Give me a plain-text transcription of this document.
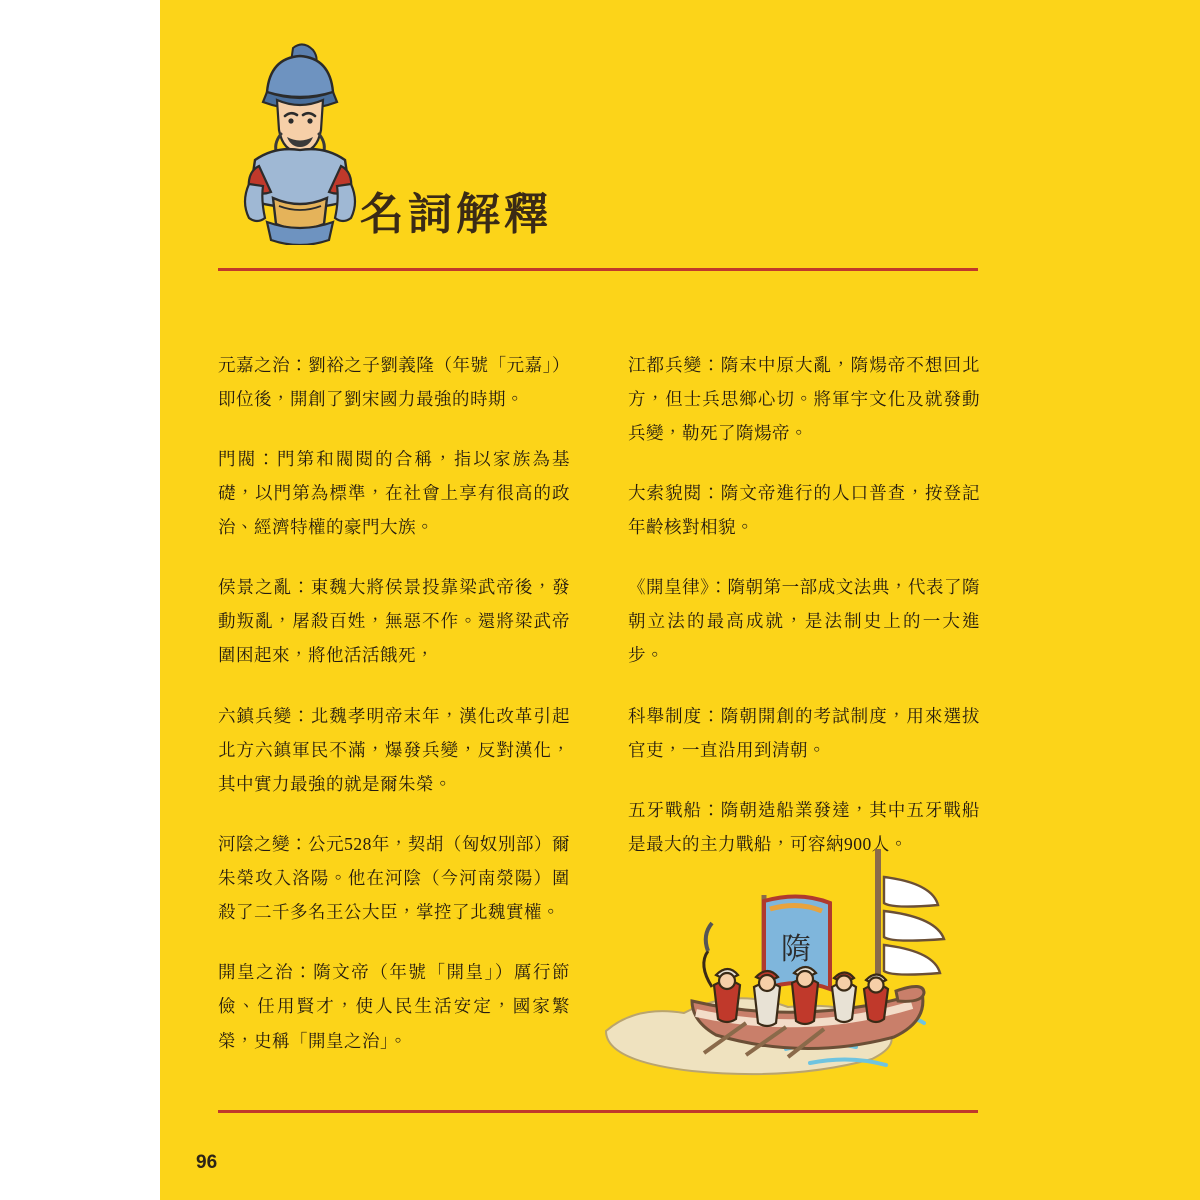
名詞解釋

元嘉之治：劉裕之子劉義隆（年號「元嘉」）即位後，開創了劉宋國力最強的時期。

門閥：門第和閥閱的合稱，指以家族為基礎，以門第為標準，在社會上享有很高的政治、經濟特權的豪門大族。

侯景之亂：東魏大將侯景投靠梁武帝後，發動叛亂，屠殺百姓，無惡不作。還將梁武帝圍困起來，將他活活餓死，

六鎮兵變：北魏孝明帝末年，漢化改革引起北方六鎮軍民不滿，爆發兵變，反對漢化，其中實力最強的就是爾朱榮。

河陰之變：公元528年，契胡（匈奴別部）爾朱榮攻入洛陽。他在河陰（今河南滎陽）圍殺了二千多名王公大臣，掌控了北魏實權。

開皇之治：隋文帝（年號「開皇」）厲行節儉、任用賢才，使人民生活安定，國家繁榮，史稱「開皇之治」。

江都兵變：隋末中原大亂，隋煬帝不想回北方，但士兵思鄉心切。將軍宇文化及就發動兵變，勒死了隋煬帝。

大索貌閱：隋文帝進行的人口普查，按登記年齡核對相貌。

《開皇律》：隋朝第一部成文法典，代表了隋朝立法的最高成就，是法制史上的一大進步。

科舉制度：隋朝開創的考試制度，用來選拔官吏，一直沿用到清朝。

五牙戰船：隋朝造船業發達，其中五牙戰船是最大的主力戰船，可容納900人。

隋
96
